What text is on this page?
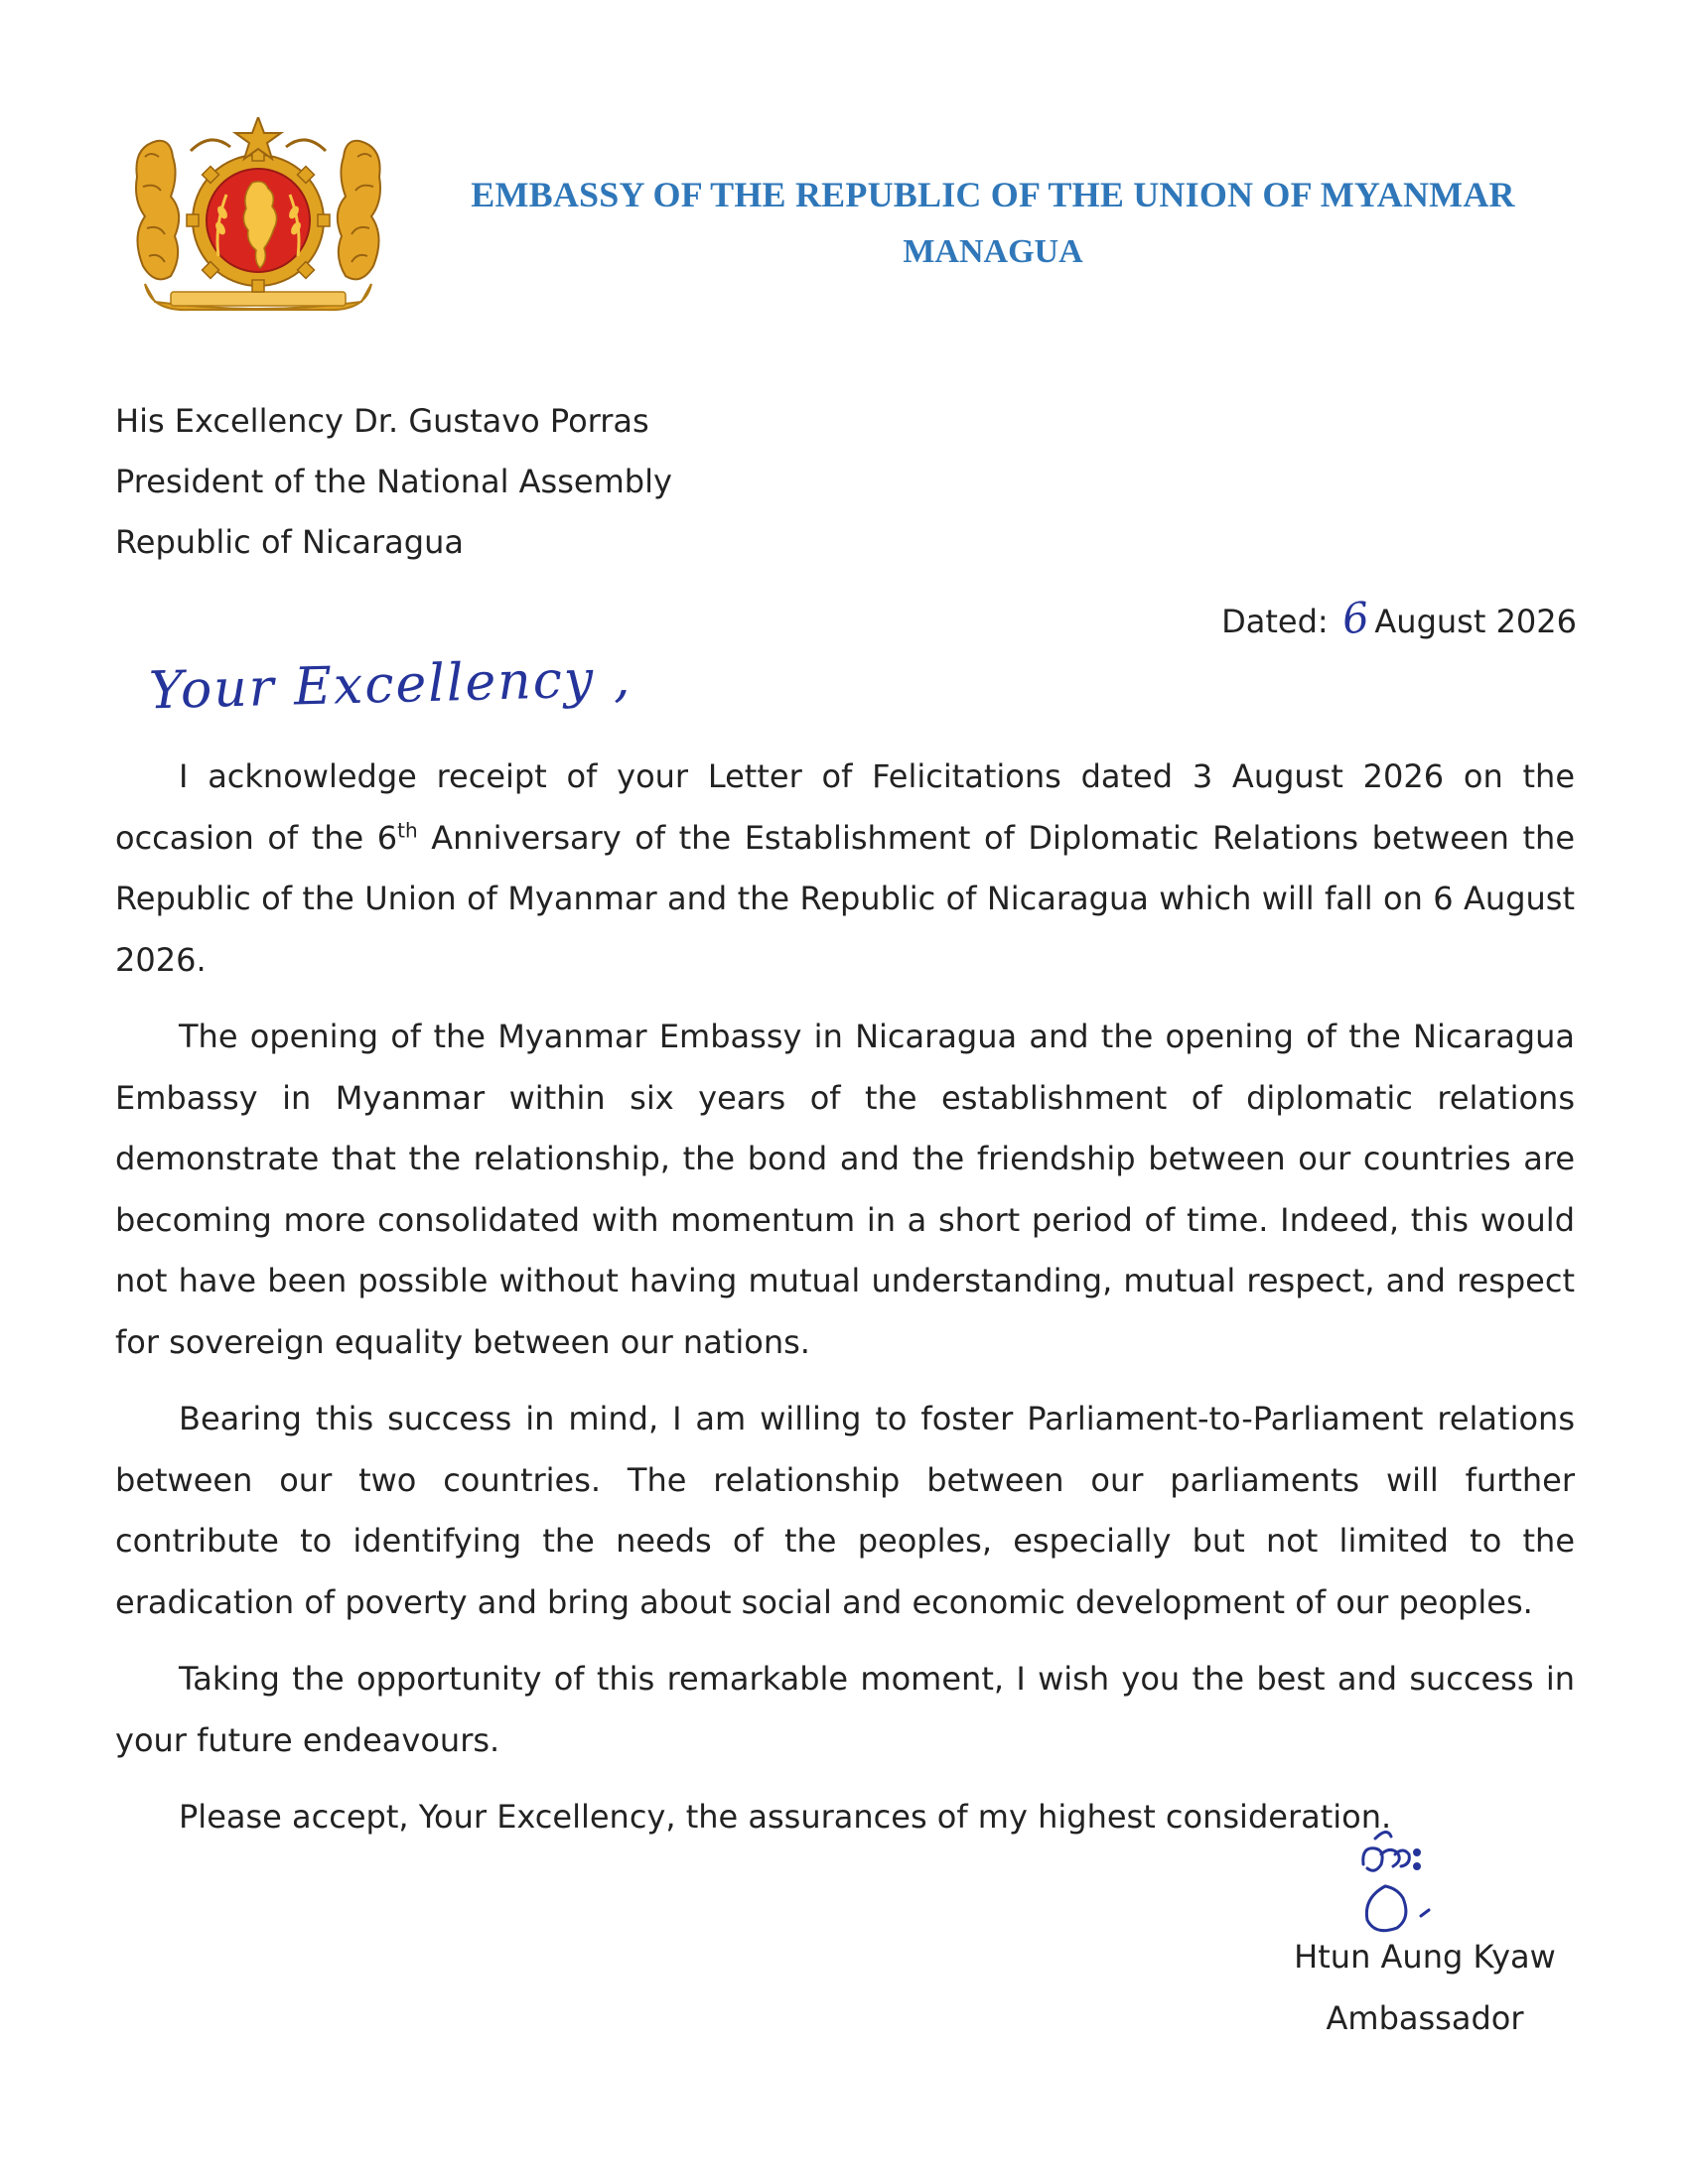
EMBASSY OF THE REPUBLIC OF THE UNION OF MYANMAR
MANAGUA
His Excellency Dr. Gustavo Porras
President of the National Assembly
Republic of Nicaragua
Dated: 6 August 2026
Your Excellency ,

I acknowledge receipt of your Letter of Felicitations dated 3 August 2026 on the occasion of the 6th Anniversary of the Establishment of Diplomatic Relations between the Republic of the Union of Myanmar and the Republic of Nicaragua which will fall on 6 August 2026.

The opening of the Myanmar Embassy in Nicaragua and the opening of the Nicaragua Embassy in Myanmar within six years of the establishment of diplomatic relations demonstrate that the relationship, the bond and the friendship between our countries are becoming more consolidated with momentum in a short period of time. Indeed, this would not have been possible without having mutual understanding, mutual respect, and respect for sovereign equality between our nations.

Bearing this success in mind, I am willing to foster Parliament-to-Parliament relations between our two countries. The relationship between our parliaments will further contribute to identifying the needs of the peoples, especially but not limited to the eradication of poverty and bring about social and economic development of our peoples.

Taking the opportunity of this remarkable moment, I wish you the best and success in your future endeavours.

Please accept, Your Excellency, the assurances of my highest consideration.

Htun Aung Kyaw
Ambassador
